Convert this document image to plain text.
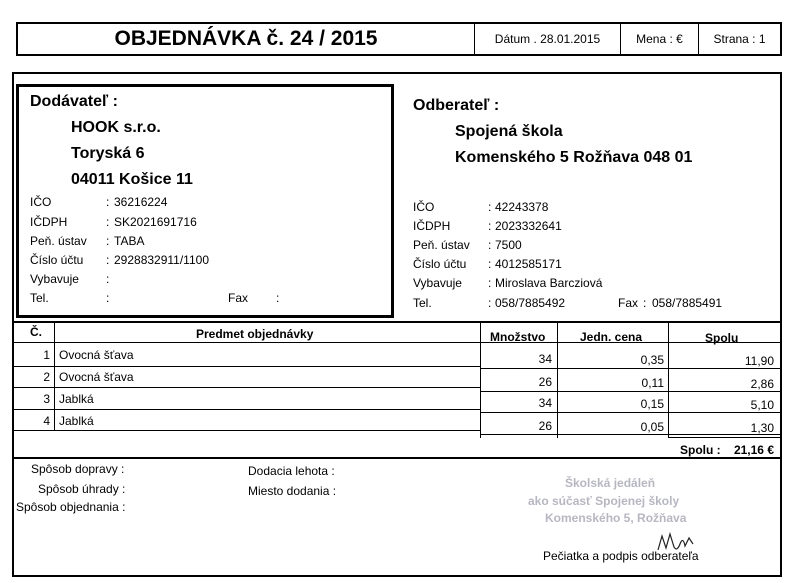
OBJEDNÁVKA č. 24 / 2015	Dátum . 28.01.2015	Mena : €	Strana : 1
Dodávateľ :
HOOK s.r.o.
Toryská 6
04011 Košice 11
IČO	: 36216224
IČDPH	: SK2021691716
Peň. ústav : TABA
Číslo účtu : 2928832911/1100
Vybavuje :
Tel.	:	Fax :
Odberateľ :
Spojená škola
Komenského 5 Rožňava 048 01
IČO	: 42243378
IČDPH	: 2023332641
Peň. ústav : 7500
Číslo účtu : 4012585171
Vybavuje : Miroslava Barcziová
Tel.	: 058/7885492	Fax : 058/7885491
Č.	Predmet objednávky	Množstvo	Jedn. cena	Spolu
1 Ovocná šťava	34	0,35	11,90
2 Ovocná šťava	26	0,11	2,86
3 Jablká	34	0,15	5,10
4 Jablká	26	0,05	1,30
Spolu :	21,16 €
Spôsob dopravy :
Spôsob úhrady :
Spôsob objednania :
Dodacia lehota :
Miesto dodania :
Školská jedáleň
ako súčasť Spojenej školy
Komenského 5, Rožňava
Pečiatka a podpis odberateľa
